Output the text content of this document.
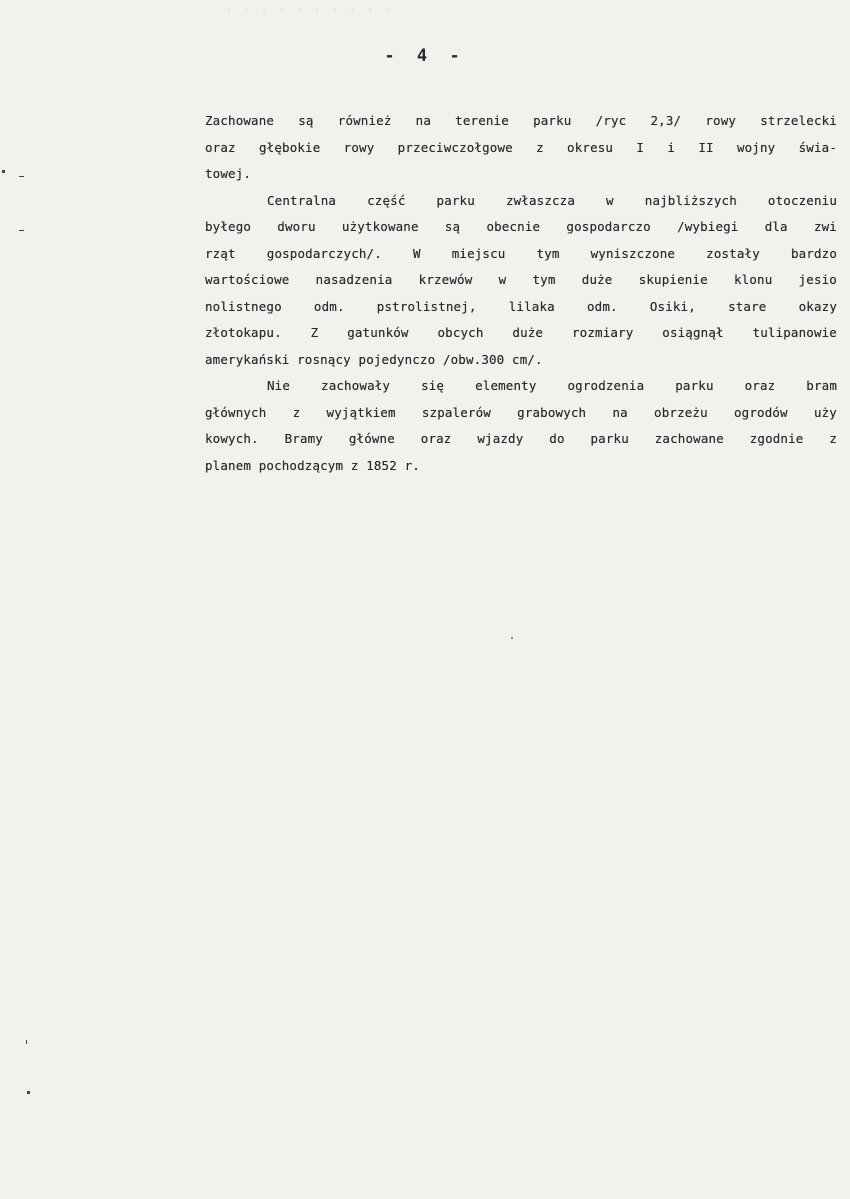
· · · · · · · · · ·
- 4 -
Zachowane są również na terenie parku /ryc 2,3/ rowy strzelecki
oraz głębokie rowy przeciwczołgowe z okresu I i II wojny świa-
towej.
Centralna część parku zwłaszcza w najbliższych otoczeniu
byłego dworu użytkowane są obecnie gospodarczo /wybiegi dla zwi
rząt gospodarczych/. W miejscu tym wyniszczone zostały bardzo
wartościowe nasadzenia krzewów w tym duże skupienie klonu jesio
nolistnego odm. pstrolistnej, lilaka odm. Osiki, stare okazy
złotokapu. Z gatunków obcych duże rozmiary osiągnął tulipanowie
amerykański rosnący pojedynczo /obw.300 cm/.
Nie zachowały się elementy ogrodzenia parku oraz bram
głównych z wyjątkiem szpalerów grabowych na obrzeżu ogrodów uży
kowych. Bramy główne oraz wjazdy do parku zachowane zgodnie z
planem pochodzącym z 1852 r.
